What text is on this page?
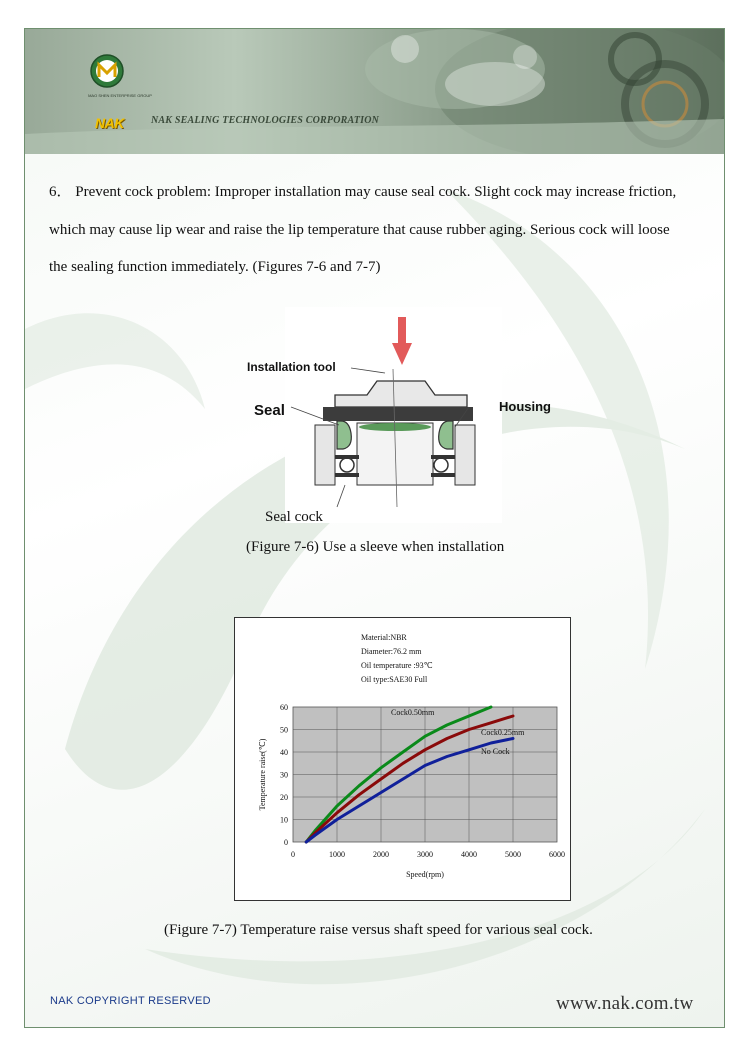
MAO SHEN ENTERPRISE GROUP
NAK	NAK SEALING TECHNOLOGIES CORPORATION
6． Prevent cock problem: Improper installation may cause seal cock. Slight cock may increase friction, which may cause lip wear and raise the lip temperature that cause rubber aging. Serious cock will loose the sealing function immediately. (Figures 7-6 and 7-7)
Installation tool
Seal	Housing
Seal cock
(Figure 7-6) Use a sleeve when installation
0
10
20
30
40
50
60
0	1000	2000	3000	4000	5000	6000
Speed(rpm)
Temperature raise(℃)
Material:NBR
Diameter:76.2 mm
Oil temperature :93℃
Oil type:SAE30 Full
Cock0.50mm
Cock0.25mm
No Cock
(Figure 7-7) Temperature raise versus shaft speed for various seal cock.
NAK COPYRIGHT RESERVED	www.nak.com.tw
